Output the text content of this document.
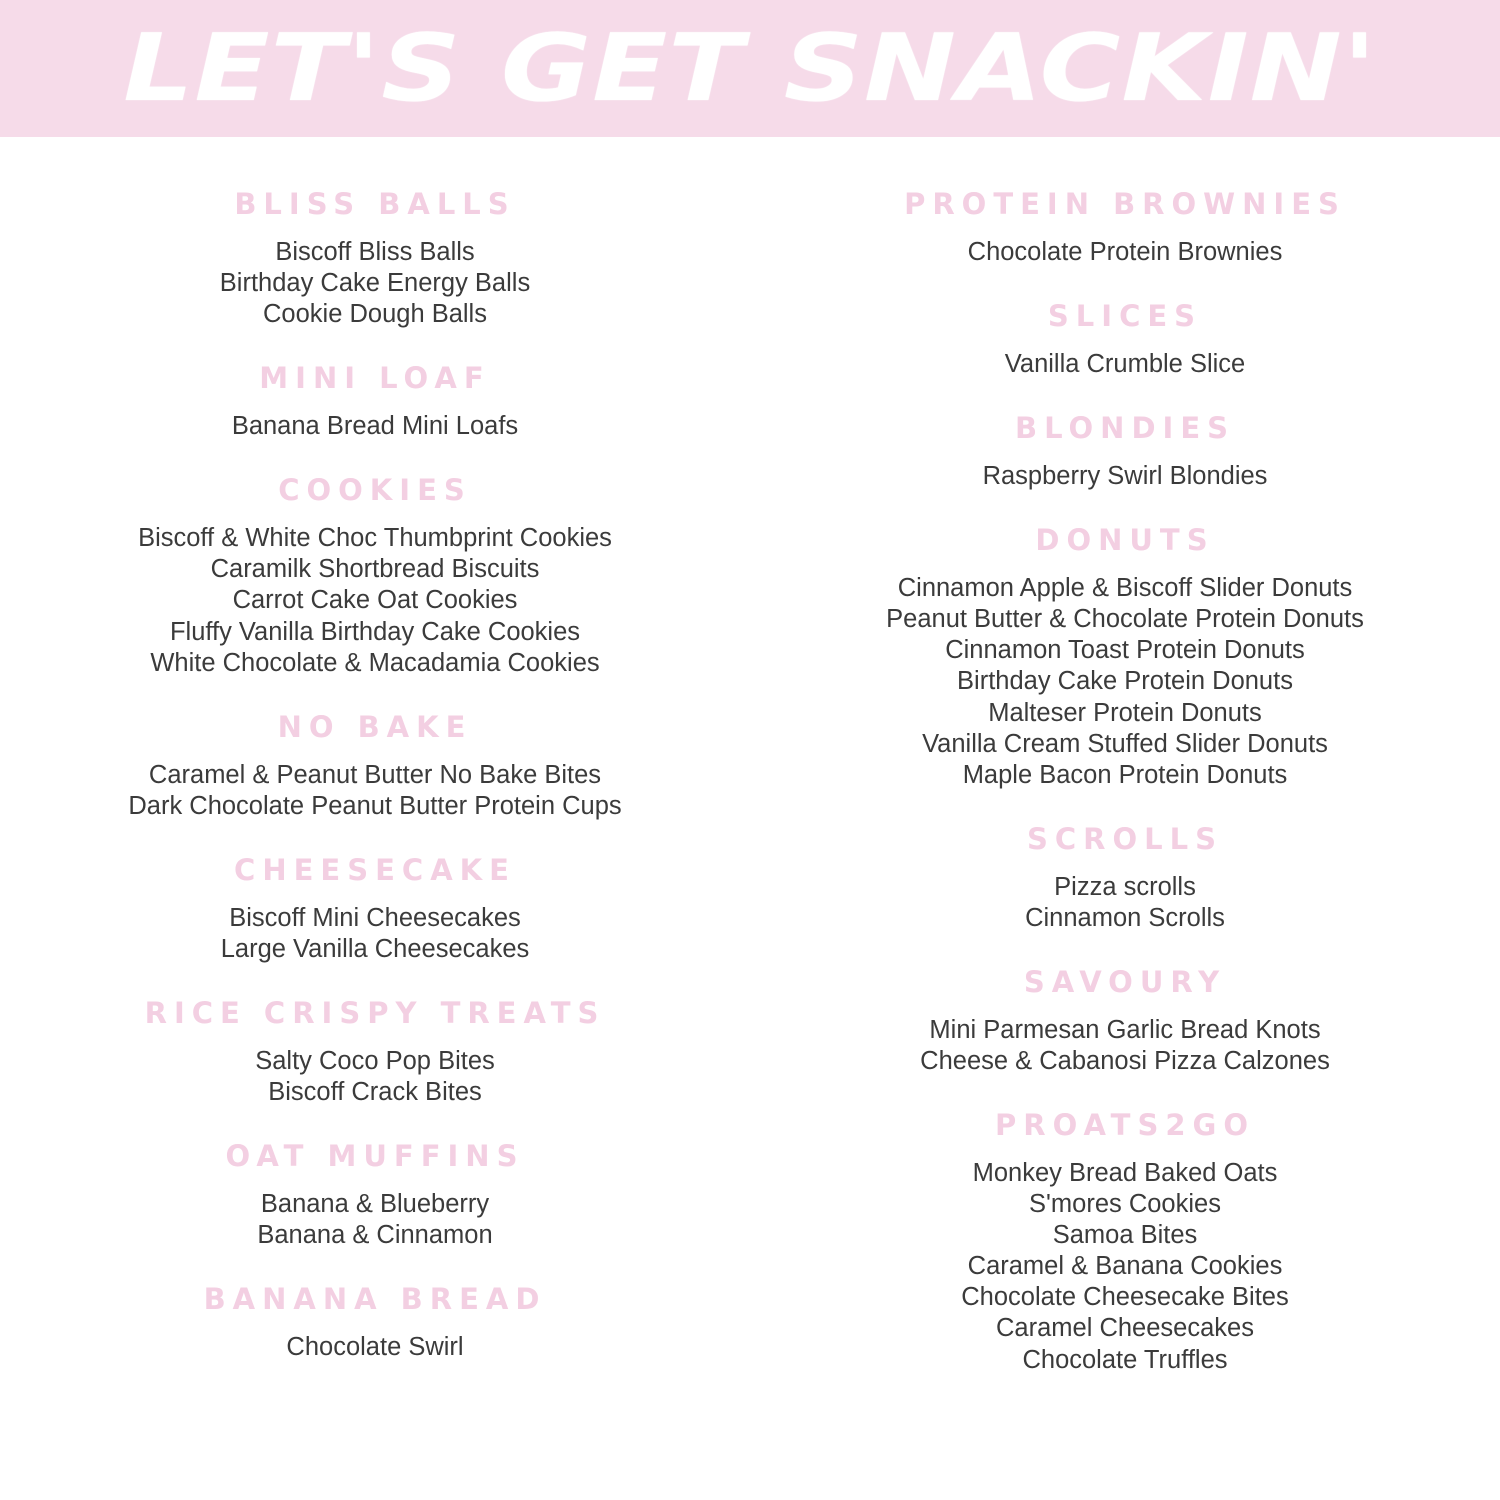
LET'S GET SNACKIN'
BLISS BALLS
Biscoff Bliss Balls
Birthday Cake Energy Balls
Cookie Dough Balls
MINI LOAF
Banana Bread Mini Loafs
COOKIES
Biscoff & White Choc Thumbprint Cookies
Caramilk Shortbread Biscuits
Carrot Cake Oat Cookies
Fluffy Vanilla Birthday Cake Cookies
White Chocolate & Macadamia Cookies
NO BAKE
Caramel & Peanut Butter No Bake Bites
Dark Chocolate Peanut Butter Protein Cups
CHEESECAKE
Biscoff Mini Cheesecakes
Large Vanilla Cheesecakes
RICE CRISPY TREATS
Salty Coco Pop Bites
Biscoff Crack Bites
OAT MUFFINS
Banana & Blueberry
Banana & Cinnamon
BANANA BREAD
Chocolate Swirl
PROTEIN BROWNIES
Chocolate Protein Brownies
SLICES
Vanilla Crumble Slice
BLONDIES
Raspberry Swirl Blondies
DONUTS
Cinnamon Apple & Biscoff Slider Donuts
Peanut Butter & Chocolate Protein Donuts
Cinnamon Toast Protein Donuts
Birthday Cake Protein Donuts
Malteser Protein Donuts
Vanilla Cream Stuffed Slider Donuts
Maple Bacon Protein Donuts
SCROLLS
Pizza scrolls
Cinnamon Scrolls
SAVOURY
Mini Parmesan Garlic Bread Knots
Cheese & Cabanosi Pizza Calzones
PROATS2GO
Monkey Bread Baked Oats
S'mores Cookies
Samoa Bites
Caramel & Banana Cookies
Chocolate Cheesecake Bites
Caramel Cheesecakes
Chocolate Truffles
